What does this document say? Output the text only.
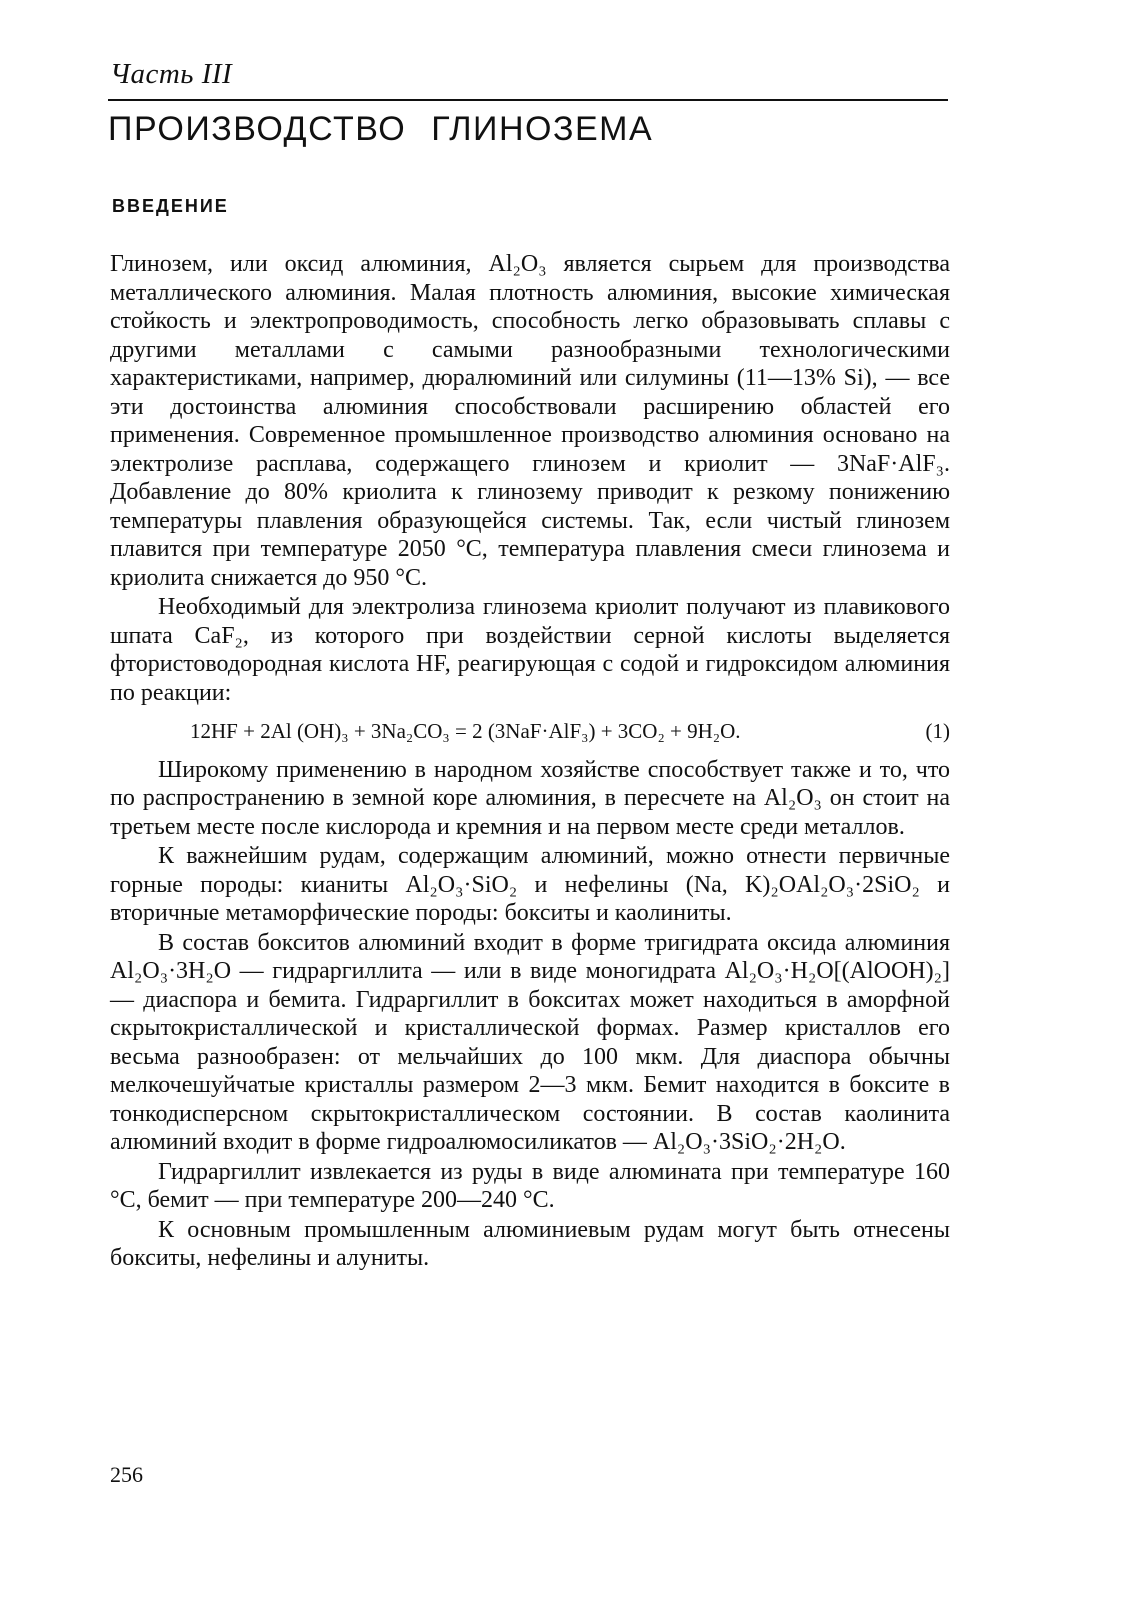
Часть III
ПРОИЗВОДСТВО ГЛИНОЗЕМА
ВВЕДЕНИЕ

Глинозем, или оксид алюминия, Al₂O₃ является сырьем для производства металлического алюминия. Малая плотность алюминия, высокие химическая стойкость и электропроводимость, способность легко образовывать сплавы с другими металлами с самыми разнообразными технологическими характеристиками, например, дюралюминий или силумины (11—13% Si), — все эти достоинства алюминия способствовали расширению областей его применения. Современное промышленное производство алюминия основано на электролизе расплава, содержащего глинозем и криолит — 3NaF·AlF₃. Добавление до 80% криолита к глинозему приводит к резкому понижению температуры плавления образующейся системы. Так, если чистый глинозем плавится при температуре 2050 °C, температура плавления смеси глинозема и криолита снижается до 950 °C.

Необходимый для электролиза глинозема криолит получают из плавикового шпата CaF₂, из которого при воздействии серной кислоты выделяется фтористоводородная кислота HF, реагирующая с содой и гидроксидом алюминия по реакции:

12HF + 2Al (OH)₃ + 3Na₂CO₃ = 2 (3NaF·AlF₃) + 3CO₂ + 9H₂O.	(1)

Широкому применению в народном хозяйстве способствует также и то, что по распространению в земной коре алюминия, в пересчете на Al₂O₃ он стоит на третьем месте после кислорода и кремния и на первом месте среди металлов.

К важнейшим рудам, содержащим алюминий, можно отнести первичные горные породы: кианиты Al₂O₃·SiO₂ и нефелины (Na, K)₂OAl₂O₃·2SiO₂ и вторичные метаморфические породы: бокситы и каолиниты.

В состав бокситов алюминий входит в форме тригидрата оксида алюминия Al₂O₃·3H₂O — гидраргиллита — или в виде моногидрата Al₂O₃·H₂O[(AlOOH)₂] — диаспора и бемита. Гидраргиллит в бокситах может находиться в аморфной скрытокристаллической и кристаллической формах. Размер кристаллов его весьма разнообразен: от мельчайших до 100 мкм. Для диаспора обычны мелкочешуйчатые кристаллы размером 2—3 мкм. Бемит находится в боксите в тонкодисперсном скрытокристаллическом состоянии. В состав каолинита алюминий входит в форме гидроалюмосиликатов — Al₂O₃·3SiO₂·2H₂O.

Гидраргиллит извлекается из руды в виде алюмината при температуре 160 °C, бемит — при температуре 200—240 °C.

К основным промышленным алюминиевым рудам могут быть отнесены бокситы, нефелины и алуниты.

256
